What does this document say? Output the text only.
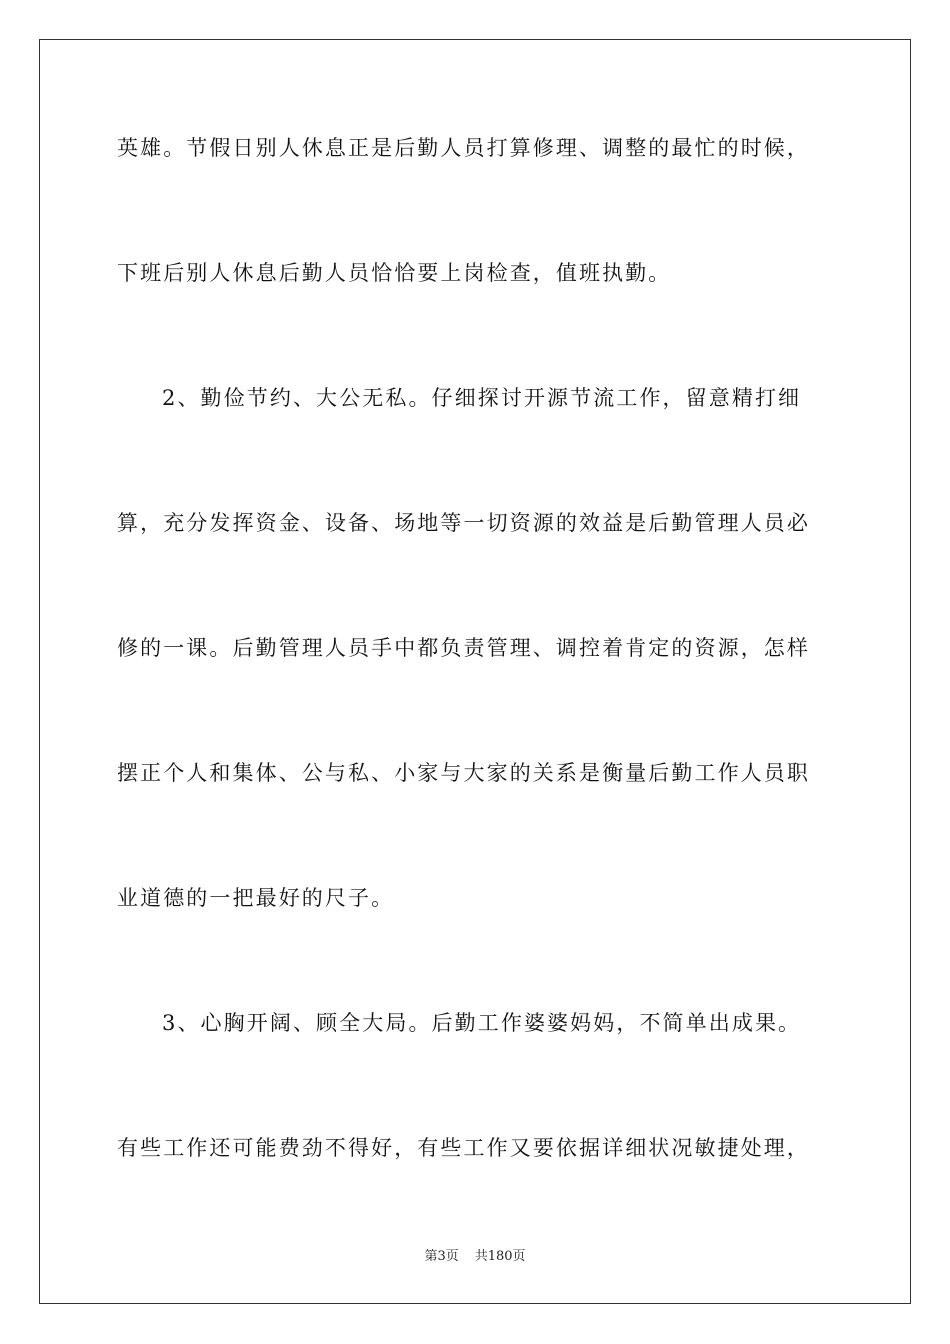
英雄。节假日别人休息正是后勤人员打算修理、调整的最忙的时候，
下班后别人休息后勤人员恰恰要上岗检查，值班执勤。
2、勤俭节约、大公无私。仔细探讨开源节流工作，留意精打细
算，充分发挥资金、设备、场地等一切资源的效益是后勤管理人员必
修的一课。后勤管理人员手中都负责管理、调控着肯定的资源，怎样
摆正个人和集体、公与私、小家与大家的关系是衡量后勤工作人员职
业道德的一把最好的尺子。
3、心胸开阔、顾全大局。后勤工作婆婆妈妈，不简单出成果。
有些工作还可能费劲不得好，有些工作又要依据详细状况敏捷处理，
第3页 共180页
